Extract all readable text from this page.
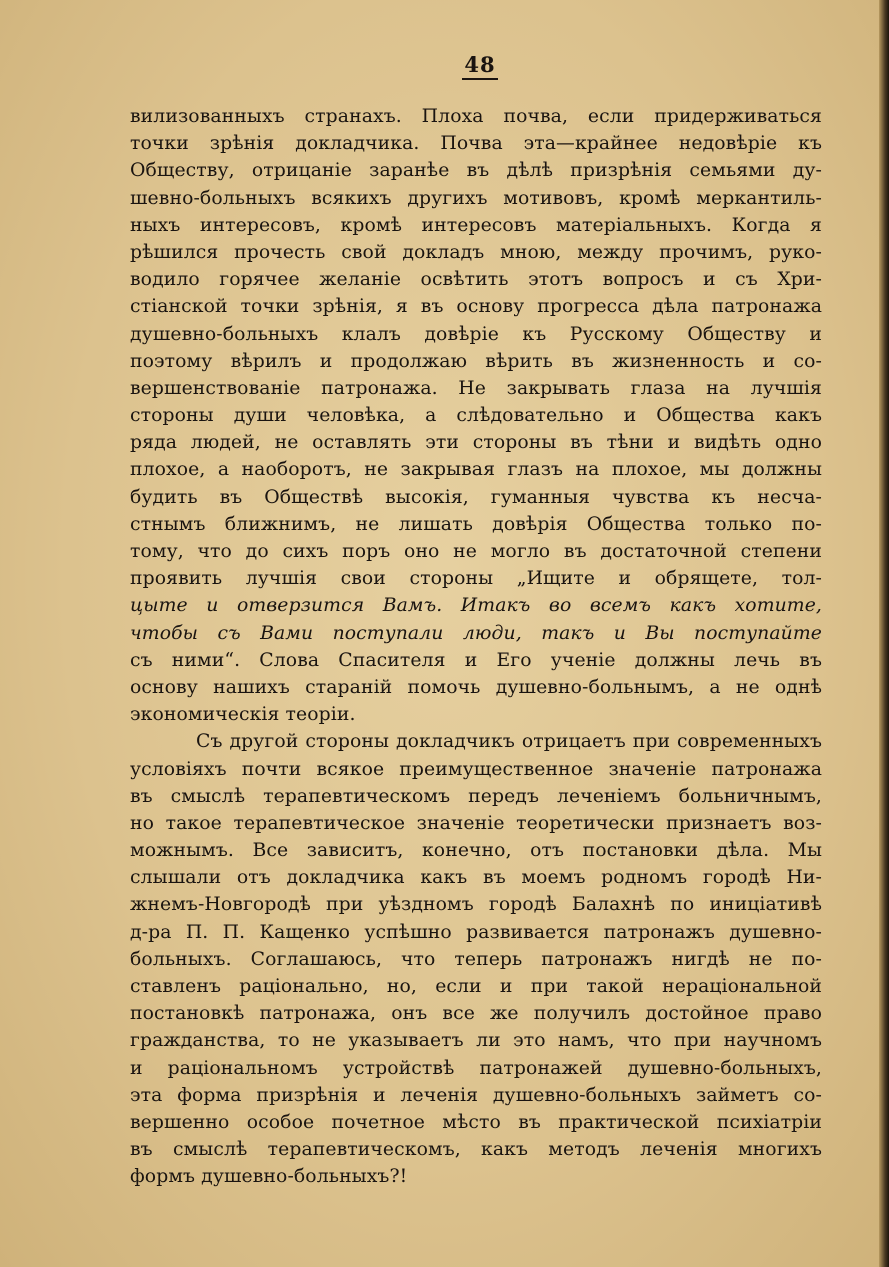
48
вилизованныхъ странахъ. Плоха почва, если придерживаться
точки зрѣнія докладчика. Почва эта—крайнее недовѣріе къ
Обществу, отрицаніе заранѣе въ дѣлѣ призрѣнія семьями ду-
шевно-больныхъ всякихъ другихъ мотивовъ, кромѣ меркантиль-
ныхъ интересовъ, кромѣ интересовъ матеріальныхъ. Когда я
рѣшился прочесть свой докладъ мною, между прочимъ, руко-
водило горячее желаніе освѣтить этотъ вопросъ и съ Хри-
стіанской точки зрѣнія, я въ основу прогресса дѣла патронажа
душевно-больныхъ клалъ довѣріе къ Русскому Обществу и
поэтому вѣрилъ и продолжаю вѣрить въ жизненность и со-
вершенствованіе патронажа. Не закрывать глаза на лучшія
стороны души человѣка, а слѣдовательно и Общества какъ
ряда людей, не оставлять эти стороны въ тѣни и видѣть одно
плохое, а наоборотъ, не закрывая глазъ на плохое, мы должны
будить въ Обществѣ высокія, гуманныя чувства къ несча-
стнымъ ближнимъ, не лишать довѣрія Общества только по-
тому, что до сихъ поръ оно не могло въ достаточной степени
проявить лучшія свои стороны „Ищите и обрящете, тол-
цыте и отверзится Вамъ. Итакъ во всемъ какъ хотите,
чтобы съ Вами поступали люди, такъ и Вы поступайте
съ ними“. Слова Спасителя и Его ученіе должны лечь въ
основу нашихъ стараній помочь душевно-больнымъ, а не однѣ
экономическія теоріи.
Съ другой стороны докладчикъ отрицаетъ при современныхъ
условіяхъ почти всякое преимущественное значеніе патронажа
въ смыслѣ терапевтическомъ передъ леченіемъ больничнымъ,
но такое терапевтическое значеніе теоретически признаетъ воз-
можнымъ. Все зависитъ, конечно, отъ постановки дѣла. Мы
слышали отъ докладчика какъ въ моемъ родномъ городѣ Ни-
жнемъ-Новгородѣ при уѣздномъ городѣ Балахнѣ по иниціативѣ
д-ра П. П. Кащенко успѣшно развивается патронажъ душевно-
больныхъ. Соглашаюсь, что теперь патронажъ нигдѣ не по-
ставленъ раціонально, но, если и при такой нераціональной
постановкѣ патронажа, онъ все же получилъ достойное право
гражданства, то не указываетъ ли это намъ, что при научномъ
и раціональномъ устройствѣ патронажей душевно-больныхъ,
эта форма призрѣнія и леченія душевно-больныхъ займетъ со-
вершенно особое почетное мѣсто въ практической психіатріи
въ смыслѣ терапевтическомъ, какъ методъ леченія многихъ
формъ душевно-больныхъ?!
